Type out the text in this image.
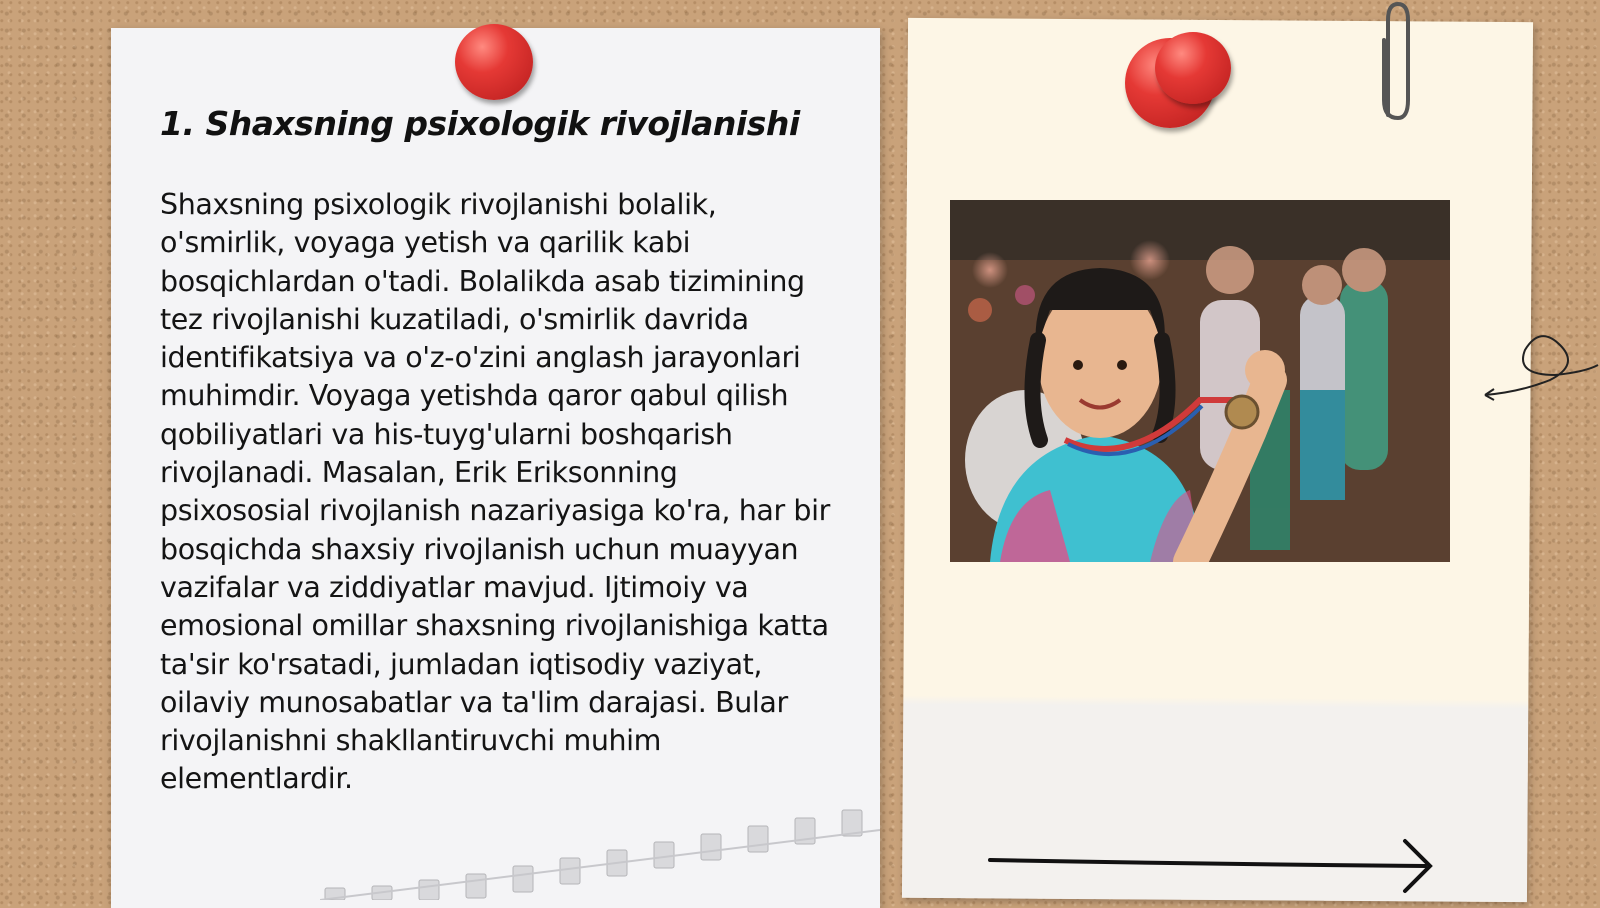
1. Shaxsning psixologik rivojlanishi

Shaxsning psixologik rivojlanishi bolalik, o'smirlik, voyaga yetish va qarilik kabi bosqichlardan o'tadi. Bolalikda asab tizimining tez rivojlanishi kuzatiladi, o'smirlik davrida identifikatsiya va o'z-o'zini anglash jarayonlari muhimdir. Voyaga yetishda qaror qabul qilish qobiliyatlari va his-tuyg'ularni boshqarish rivojlanadi. Masalan, Erik Eriksonning psixososial rivojlanish nazariyasiga ko'ra, har bir bosqichda shaxsiy rivojlanish uchun muayyan vazifalar va ziddiyatlar mavjud. Ijtimoiy va emosional omillar shaxsning rivojlanishiga katta ta'sir ko'rsatadi, jumladan iqtisodiy vaziyat, oilaviy munosabatlar va ta'lim darajasi. Bular rivojlanishni shakllantiruvchi muhim elementlardir.
